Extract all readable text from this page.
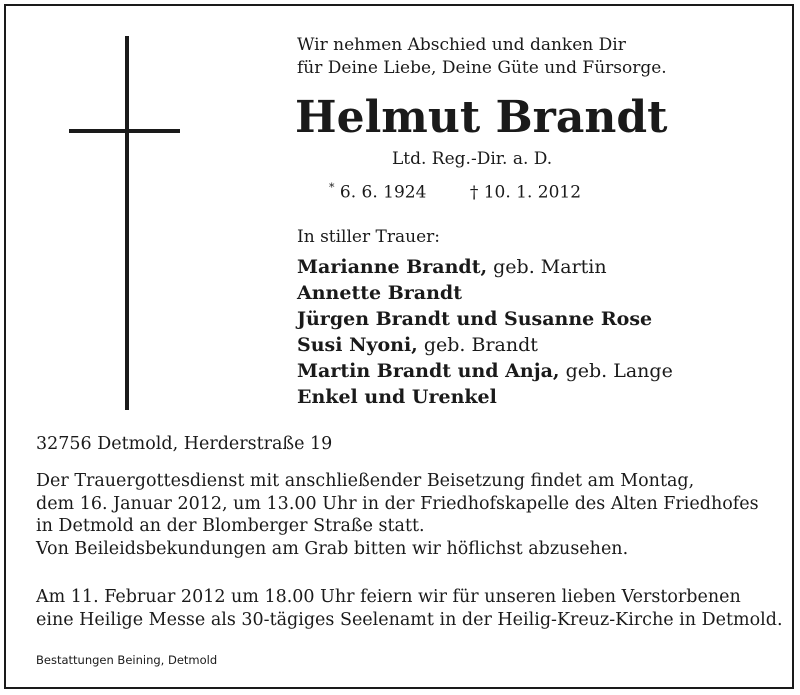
Wir nehmen Abschied und danken Dir
für Deine Liebe, Deine Güte und Fürsorge.
Helmut Brandt
Ltd. Reg.-Dir. a. D.
* 6. 6. 1924	† 10. 1. 2012
In stiller Trauer:
Marianne Brandt, geb. Martin
Annette Brandt
Jürgen Brandt und Susanne Rose
Susi Nyoni, geb. Brandt
Martin Brandt und Anja, geb. Lange
Enkel und Urenkel
32756 Detmold, Herderstraße 19
Der Trauergottesdienst mit anschließender Beisetzung findet am Montag,
dem 16. Januar 2012, um 13.00 Uhr in der Friedhofskapelle des Alten Friedhofes
in Detmold an der Blomberger Straße statt.
Von Beileidsbekundungen am Grab bitten wir höflichst abzusehen.
Am 11. Februar 2012 um 18.00 Uhr feiern wir für unseren lieben Verstorbenen
eine Heilige Messe als 30-tägiges Seelenamt in der Heilig-Kreuz-Kirche in Detmold.
Bestattungen Beining, Detmold
